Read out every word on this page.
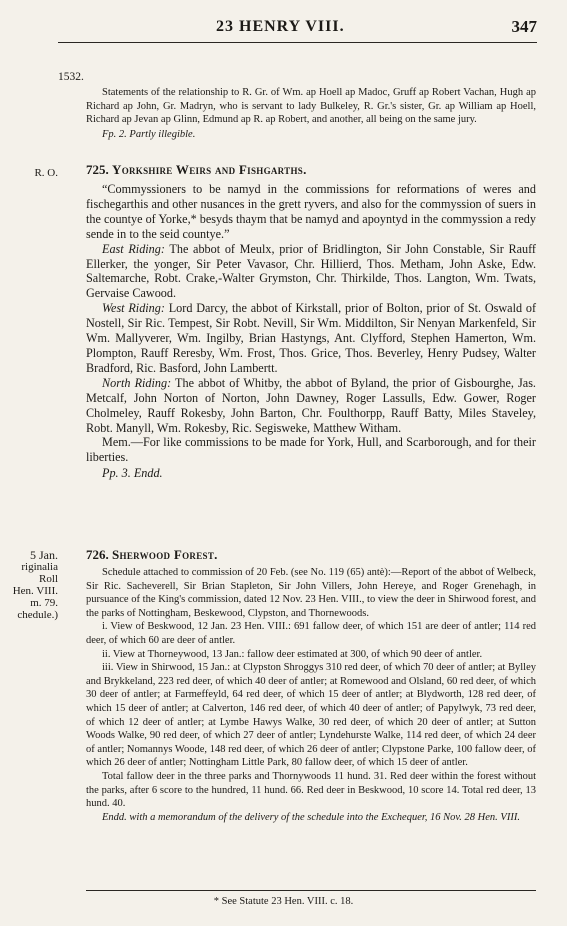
23 HENRY VIII.	347
1532.

Statements of the relationship to R. Gr. of Wm. ap Hoell ap Madoc, Gruff ap Robert Vachan, Hugh ap Richard ap John, Gr. Madryn, who is servant to lady Bulkeley, R. Gr.'s sister, Gr. ap William ap Hoell, Richard ap Jevan ap Glinn, Edmund ap R. ap Robert, and another, all being on the same jury.

Fp. 2. Partly illegible.

R. O. 725. Yorkshire Weirs and Fishgarths.

“Commyssioners to be namyd in the commissions for reformations of weres and fischegarthis and other nusances in the grett ryvers, and also for the commyssion of suers in the countye of Yorke,* besyds thaym that be namyd and apoyntyd in the commyssion a redy sende in to the seid countye.”

East Riding: The abbot of Meulx, prior of Bridlington, Sir John Constable, Sir Rauff Ellerker, the yonger, Sir Peter Vavasor, Chr. Hillierd, Thos. Metham, John Aske, Edw. Saltemarche, Robt. Crake,-Walter Grymston, Chr. Thirkilde, Thos. Langton, Wm. Twats, Gervaise Cawood.

West Riding: Lord Darcy, the abbot of Kirkstall, prior of Bolton, prior of St. Oswald of Nostell, Sir Ric. Tempest, Sir Robt. Nevill, Sir Wm. Middilton, Sir Nenyan Markenfeld, Sir Wm. Mallyverer, Wm. Ingilby, Brian Hastyngs, Ant. Clyfford, Stephen Hamerton, Wm. Plompton, Rauff Reresby, Wm. Frost, Thos. Grice, Thos. Beverley, Henry Pudsey, Walter Bradford, Ric. Basford, John Lambertt.

North Riding: The abbot of Whitby, the abbot of Byland, the prior of Gisbourghe, Jas. Metcalf, John Norton of Norton, John Dawney, Roger Lassulls, Edw. Gower, Roger Cholmeley, Rauff Rokesby, John Barton, Chr. Foulthorpp, Rauff Batty, Miles Staveley, Robt. Manyll, Wm. Rokesby, Ric. Segisweke, Matthew Witham.

Mem.—For like commissions to be made for York, Hull, and Scarborough, and for their liberties.

Pp. 3. Endd.

5 Jan.
riginalia
Roll
Hen. VIII.
m. 79.
chedule.)
726. Sherwood Forest.

Schedule attached to commission of 20 Feb. (see No. 119 (65) antè):—Report of the abbot of Welbeck, Sir Ric. Sacheverell, Sir Brian Stapleton, Sir John Villers, John Hereye, and Roger Grenehagh, in pursuance of the King's commission, dated 12 Nov. 23 Hen. VIII., to view the deer in Shirwood forest, and the parks of Nottingham, Beskewood, Clypston, and Thornewoods.

i. View of Beskwood, 12 Jan. 23 Hen. VIII.: 691 fallow deer, of which 151 are deer of antler; 114 red deer, of which 60 are deer of antler.

ii. View at Thorneywood, 13 Jan.: fallow deer estimated at 300, of which 90 deer of antler.

iii. View in Shirwood, 15 Jan.: at Clypston Shroggys 310 red deer, of which 70 deer of antler; at Bylley and Brykkeland, 223 red deer, of which 40 deer of antler; at Romewood and Olsland, 60 red deer, of which 30 deer of antler; at Farmeffeyld, 64 red deer, of which 15 deer of antler; at Blydworth, 128 red deer, of which 15 deer of antler; at Calverton, 146 red deer, of which 40 deer of antler; of Papylwyk, 73 red deer, of which 12 deer of antler; at Lymbe Hawys Walke, 30 red deer, of which 20 deer of antler; at Sutton Woods Walke, 90 red deer, of which 27 deer of antler; Lyndehurste Walke, 114 red deer, of which 24 deer of antler; Nomannys Woode, 148 red deer, of which 26 deer of antler; Clypstone Parke, 100 fallow deer, of which 26 deer of antler; Nottingham Little Park, 80 fallow deer, of which 15 deer of antler.

Total fallow deer in the three parks and Thornywoods 11 hund. 31. Red deer within the forest without the parks, after 6 score to the hundred, 11 hund. 66. Red deer in Beskwood, 10 score 14. Total red deer, 13 hund. 40.

Endd. with a memorandum of the delivery of the schedule into the Exchequer, 16 Nov. 28 Hen. VIII.

* See Statute 23 Hen. VIII. c. 18.
